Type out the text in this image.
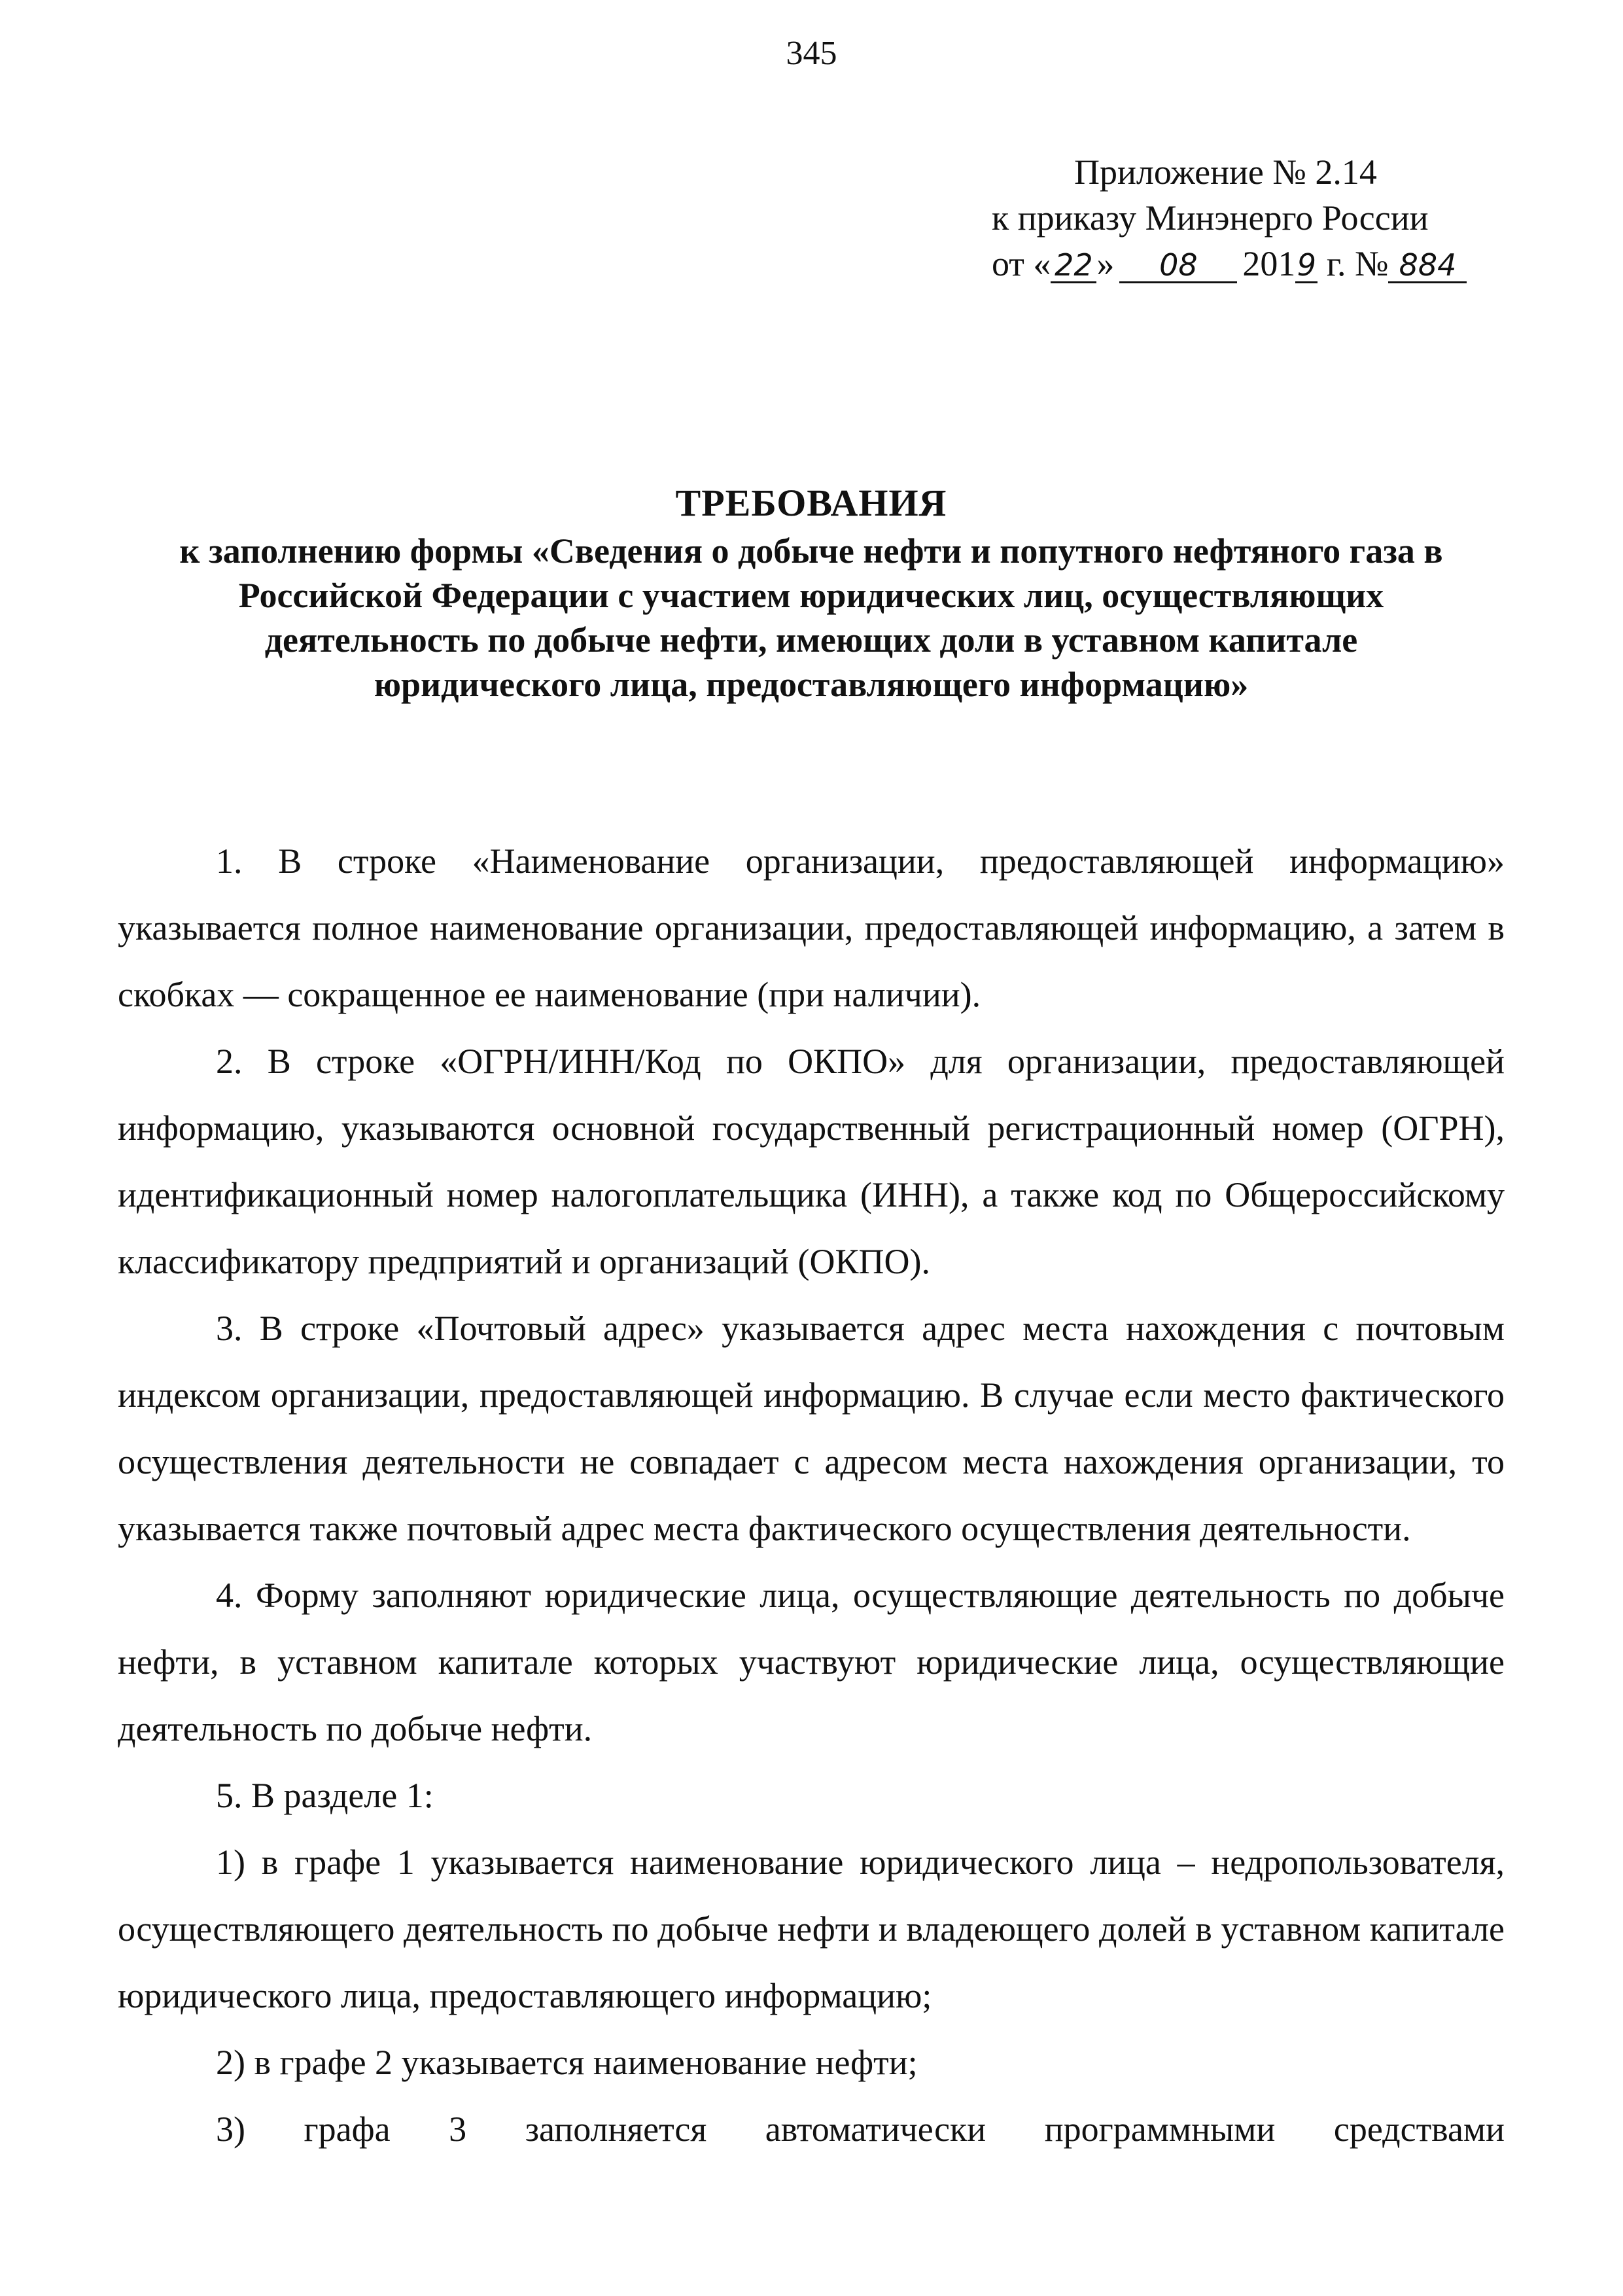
345
Приложение № 2.14
к приказу Минэнерго России
от « 22 » 08 2019 г. № 884
ТРЕБОВАНИЯ
к заполнению формы «Сведения о добыче нефти и попутного нефтяного газа в
Российской Федерации с участием юридических лиц, осуществляющих
деятельность по добыче нефти, имеющих доли в уставном капитале
юридического лица, предоставляющего информацию»

1. В строке «Наименование организации, предоставляющей информацию» указывается полное наименование организации, предоставляющей информацию, а затем в скобках — сокращенное ее наименование (при наличии).

2. В строке «ОГРН/ИНН/Код по ОКПО» для организации, предоставляющей информацию, указываются основной государственный регистрационный номер (ОГРН), идентификационный номер налогоплательщика (ИНН), а также код по Общероссийскому классификатору предприятий и организаций (ОКПО).

3. В строке «Почтовый адрес» указывается адрес места нахождения с почтовым индексом организации, предоставляющей информацию. В случае если место фактического осуществления деятельности не совпадает с адресом места нахождения организации, то указывается также почтовый адрес места фактического осуществления деятельности.

4. Форму заполняют юридические лица, осуществляющие деятельность по добыче нефти, в уставном капитале которых участвуют юридические лица, осуществляющие деятельность по добыче нефти.

5. В разделе 1:

1) в графе 1 указывается наименование юридического лица – недропользователя, осуществляющего деятельность по добыче нефти и владеющего долей в уставном капитале юридического лица, предоставляющего информацию;

2) в графе 2 указывается наименование нефти;

3) графа 3 заполняется автоматически программными средствами
